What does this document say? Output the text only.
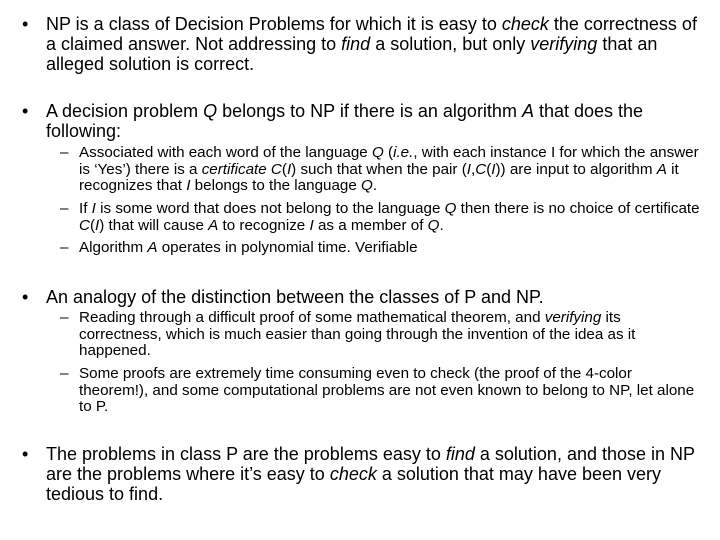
• NP is a class of Decision Problems for which it is easy to check the correctness of a claimed answer. Not addressing to find a solution, but only verifying that an alleged solution is correct.
• A decision problem Q belongs to NP if there is an algorithm A that does the following:
– Associated with each word of the language Q (i.e., with each instance I for which the answer is ‘Yes’) there is a certificate C(I) such that when the pair (I,C(I)) are input to algorithm A it recognizes that I belongs to the language Q.
– If I is some word that does not belong to the language Q then there is no choice of certificate C(I) that will cause A to recognize I as a member of Q.
– Algorithm A operates in polynomial time. Verifiable
• An analogy of the distinction between the classes of P and NP.
– Reading through a difficult proof of some mathematical theorem, and verifying its correctness, which is much easier than going through the invention of the idea as it happened.
– Some proofs are extremely time consuming even to check (the proof of the 4-color theorem!), and some computational problems are not even known to belong to NP, let alone to P.
• The problems in class P are the problems easy to find a solution, and those in NP are the problems where it’s easy to check a solution that may have been very tedious to find.
